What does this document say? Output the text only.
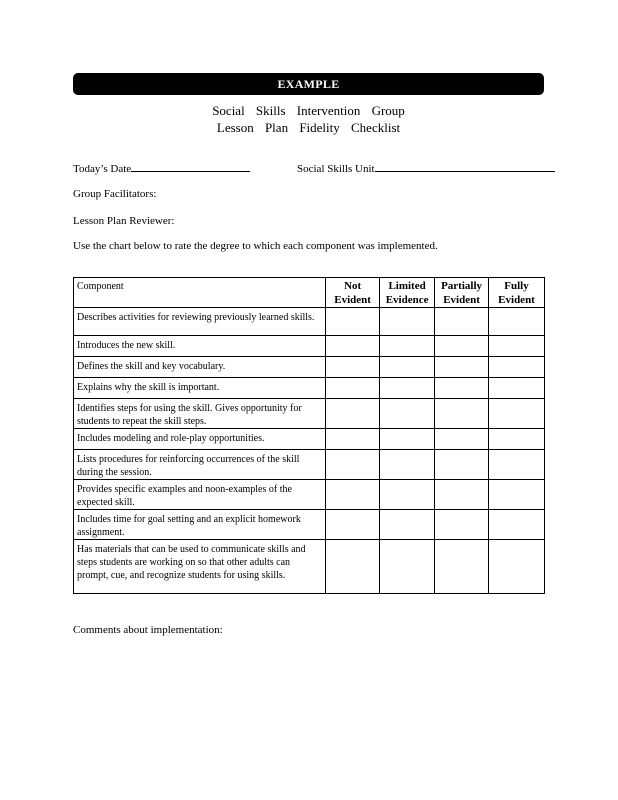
EXAMPLE
Social Skills Intervention Group
Lesson Plan Fidelity Checklist
Today’s Date	Social Skills Unit
Group Facilitators:
Lesson Plan Reviewer:
Use the chart below to rate the degree to which each component was implemented.
Component	Not Evident	Limited Evidence	Partially Evident	Fully Evident
Describes activities for reviewing previously learned skills.				
Introduces the new skill.				
Defines the skill and key vocabulary.				
Explains why the skill is important.				
Identifies steps for using the skill. Gives opportunity for students to repeat the skill steps.				
Includes modeling and role-play opportunities.				
Lists procedures for reinforcing occurrences of the skill during the session.				
Provides specific examples and noon-examples of the expected skill.				
Includes time for goal setting and an explicit homework assignment.				
Has materials that can be used to communicate skills and steps students are working on so that other adults can prompt, cue, and recognize students for using skills.				
Comments about implementation:
